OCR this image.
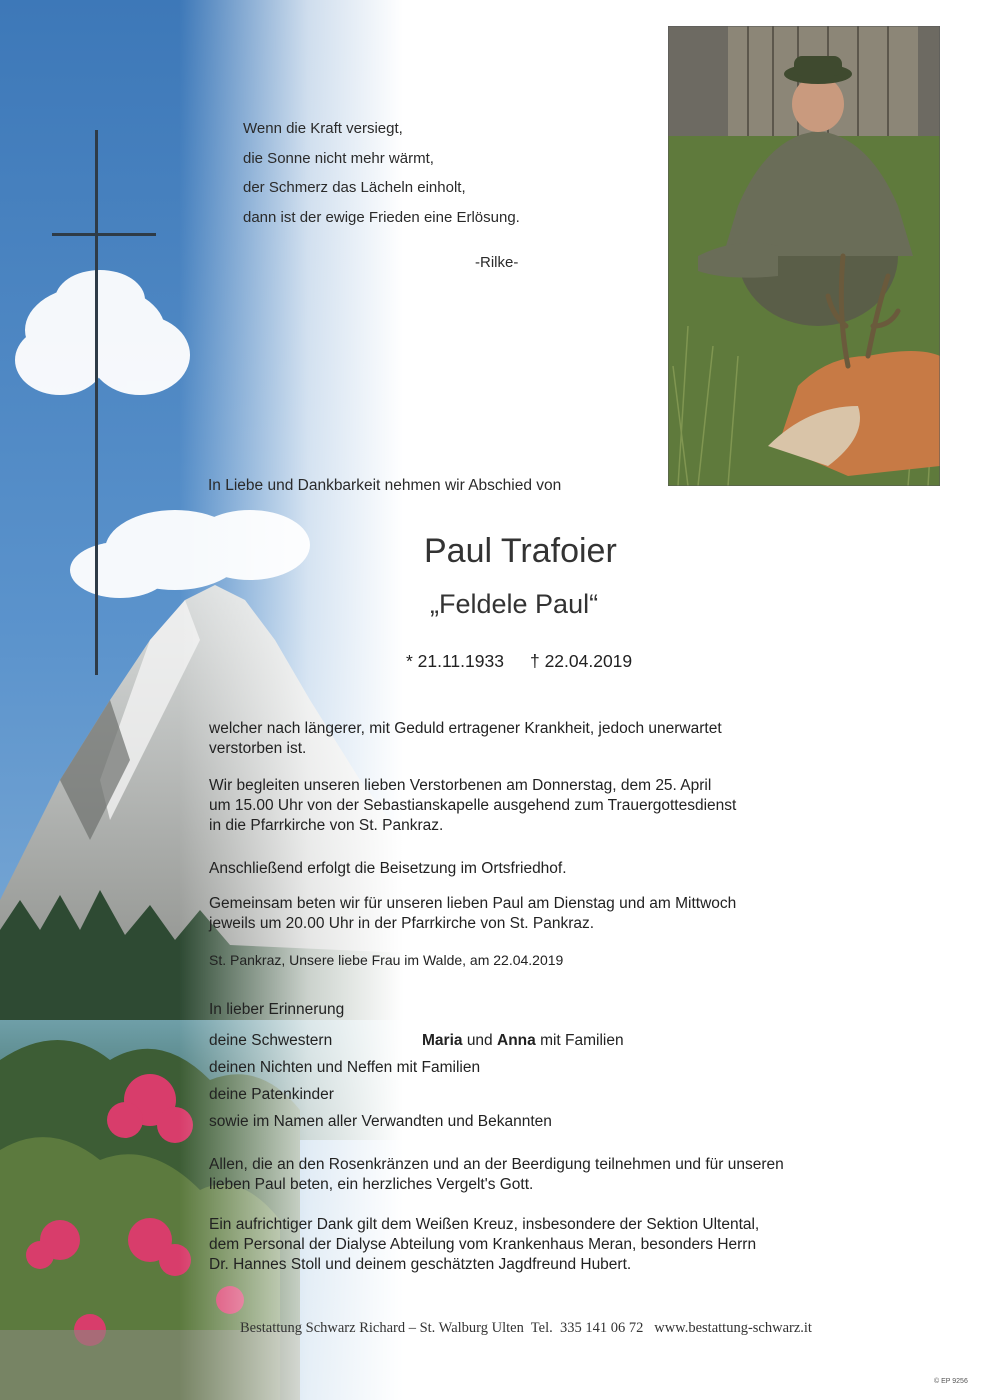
Wenn die Kraft versiegt,
die Sonne nicht mehr wärmt,
der Schmerz das Lächeln einholt,
dann ist der ewige Frieden eine Erlösung.
-Rilke-
In Liebe und Dankbarkeit nehmen wir Abschied von
Paul Trafoier
„Feldele Paul“
* 21.11.1933 † 22.04.2019
welcher nach längerer, mit Geduld ertragener Krankheit, jedoch unerwartet
verstorben ist.
Wir begleiten unseren lieben Verstorbenen am Donnerstag, dem 25. April
um 15.00 Uhr von der Sebastianskapelle ausgehend zum Trauergottesdienst
in die Pfarrkirche von St. Pankraz.
Anschließend erfolgt die Beisetzung im Ortsfriedhof.
Gemeinsam beten wir für unseren lieben Paul am Dienstag und am Mittwoch
jeweils um 20.00 Uhr in der Pfarrkirche von St. Pankraz.
St. Pankraz, Unsere liebe Frau im Walde, am 22.04.2019
In lieber Erinnerung
deine Schwestern	Maria und Anna mit Familien
deinen Nichten und Neffen mit Familien
deine Patenkinder
sowie im Namen aller Verwandten und Bekannten
Allen, die an den Rosenkränzen und an der Beerdigung teilnehmen und für unseren
lieben Paul beten, ein herzliches Vergelt's Gott.
Ein aufrichtiger Dank gilt dem Weißen Kreuz, insbesondere der Sektion Ultental,
dem Personal der Dialyse Abteilung vom Krankenhaus Meran, besonders Herrn
Dr. Hannes Stoll und deinem geschätzten Jagdfreund Hubert.
Bestattung Schwarz Richard – St. Walburg Ulten  Tel.  335 141 06 72   www.bestattung-schwarz.it
© EP 9256
